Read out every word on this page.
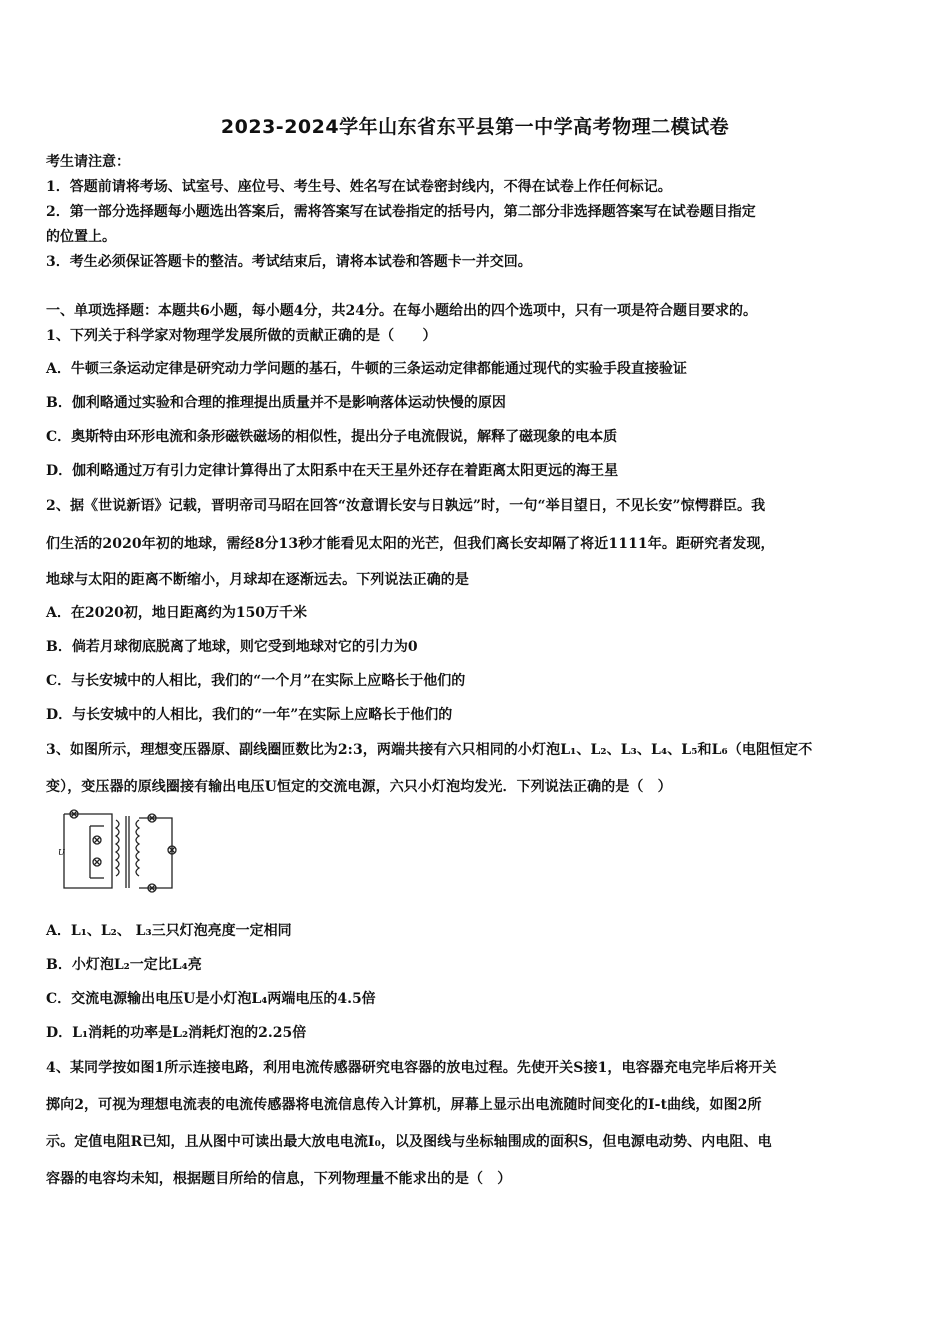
2023-2024学年山东省东平县第一中学高考物理二模试卷
考生请注意：
1．答题前请将考场、试室号、座位号、考生号、姓名写在试卷密封线内，不得在试卷上作任何标记。
2．第一部分选择题每小题选出答案后，需将答案写在试卷指定的括号内，第二部分非选择题答案写在试卷题目指定
的位置上。
3．考生必须保证答题卡的整洁。考试结束后，请将本试卷和答题卡一并交回。
一、单项选择题：本题共6小题，每小题4分，共24分。在每小题给出的四个选项中，只有一项是符合题目要求的。
1、下列关于科学家对物理学发展所做的贡献正确的是（　　）
A．牛顿三条运动定律是研究动力学问题的基石，牛顿的三条运动定律都能通过现代的实验手段直接验证
B．伽利略通过实验和合理的推理提出质量并不是影响落体运动快慢的原因
C．奥斯特由环形电流和条形磁铁磁场的相似性，提出分子电流假说，解释了磁现象的电本质
D．伽利略通过万有引力定律计算得出了太阳系中在天王星外还存在着距离太阳更远的海王星
2、据《世说新语》记载，晋明帝司马昭在回答“汝意谓长安与日孰远”时，一句“举目望日，不见长安”惊愕群臣。我
们生活的2020年初的地球，需经8分13秒才能看见太阳的光芒，但我们离长安却隔了将近1111年。距研究者发现，
地球与太阳的距离不断缩小，月球却在逐渐远去。下列说法正确的是
A．在2020初，地日距离约为150万千米
B．倘若月球彻底脱离了地球，则它受到地球对它的引力为0
C．与长安城中的人相比，我们的“一个月”在实际上应略长于他们的
D．与长安城中的人相比，我们的“一年”在实际上应略长于他们的
3、如图所示，理想变压器原、副线圈匝数比为2:3，两端共接有六只相同的小灯泡L₁、L₂、L₃、L₄、L₅和L₆（电阻恒定不
变），变压器的原线圈接有输出电压U恒定的交流电源，六只小灯泡均发光．下列说法正确的是（　）
U
A．L₁、L₂、 L₃三只灯泡亮度一定相同
B．小灯泡L₂一定比L₄亮
C．交流电源输出电压U是小灯泡L₄两端电压的4.5倍
D．L₁消耗的功率是L₂消耗灯泡的2.25倍
4、某同学按如图1所示连接电路，利用电流传感器研究电容器的放电过程。先使开关S接1，电容器充电完毕后将开关
掷向2，可视为理想电流表的电流传感器将电流信息传入计算机，屏幕上显示出电流随时间变化的I-t曲线，如图2所
示。定值电阻R已知，且从图中可读出最大放电电流I₀，以及图线与坐标轴围成的面积S，但电源电动势、内电阻、电
容器的电容均未知，根据题目所给的信息，下列物理量不能求出的是（　）
